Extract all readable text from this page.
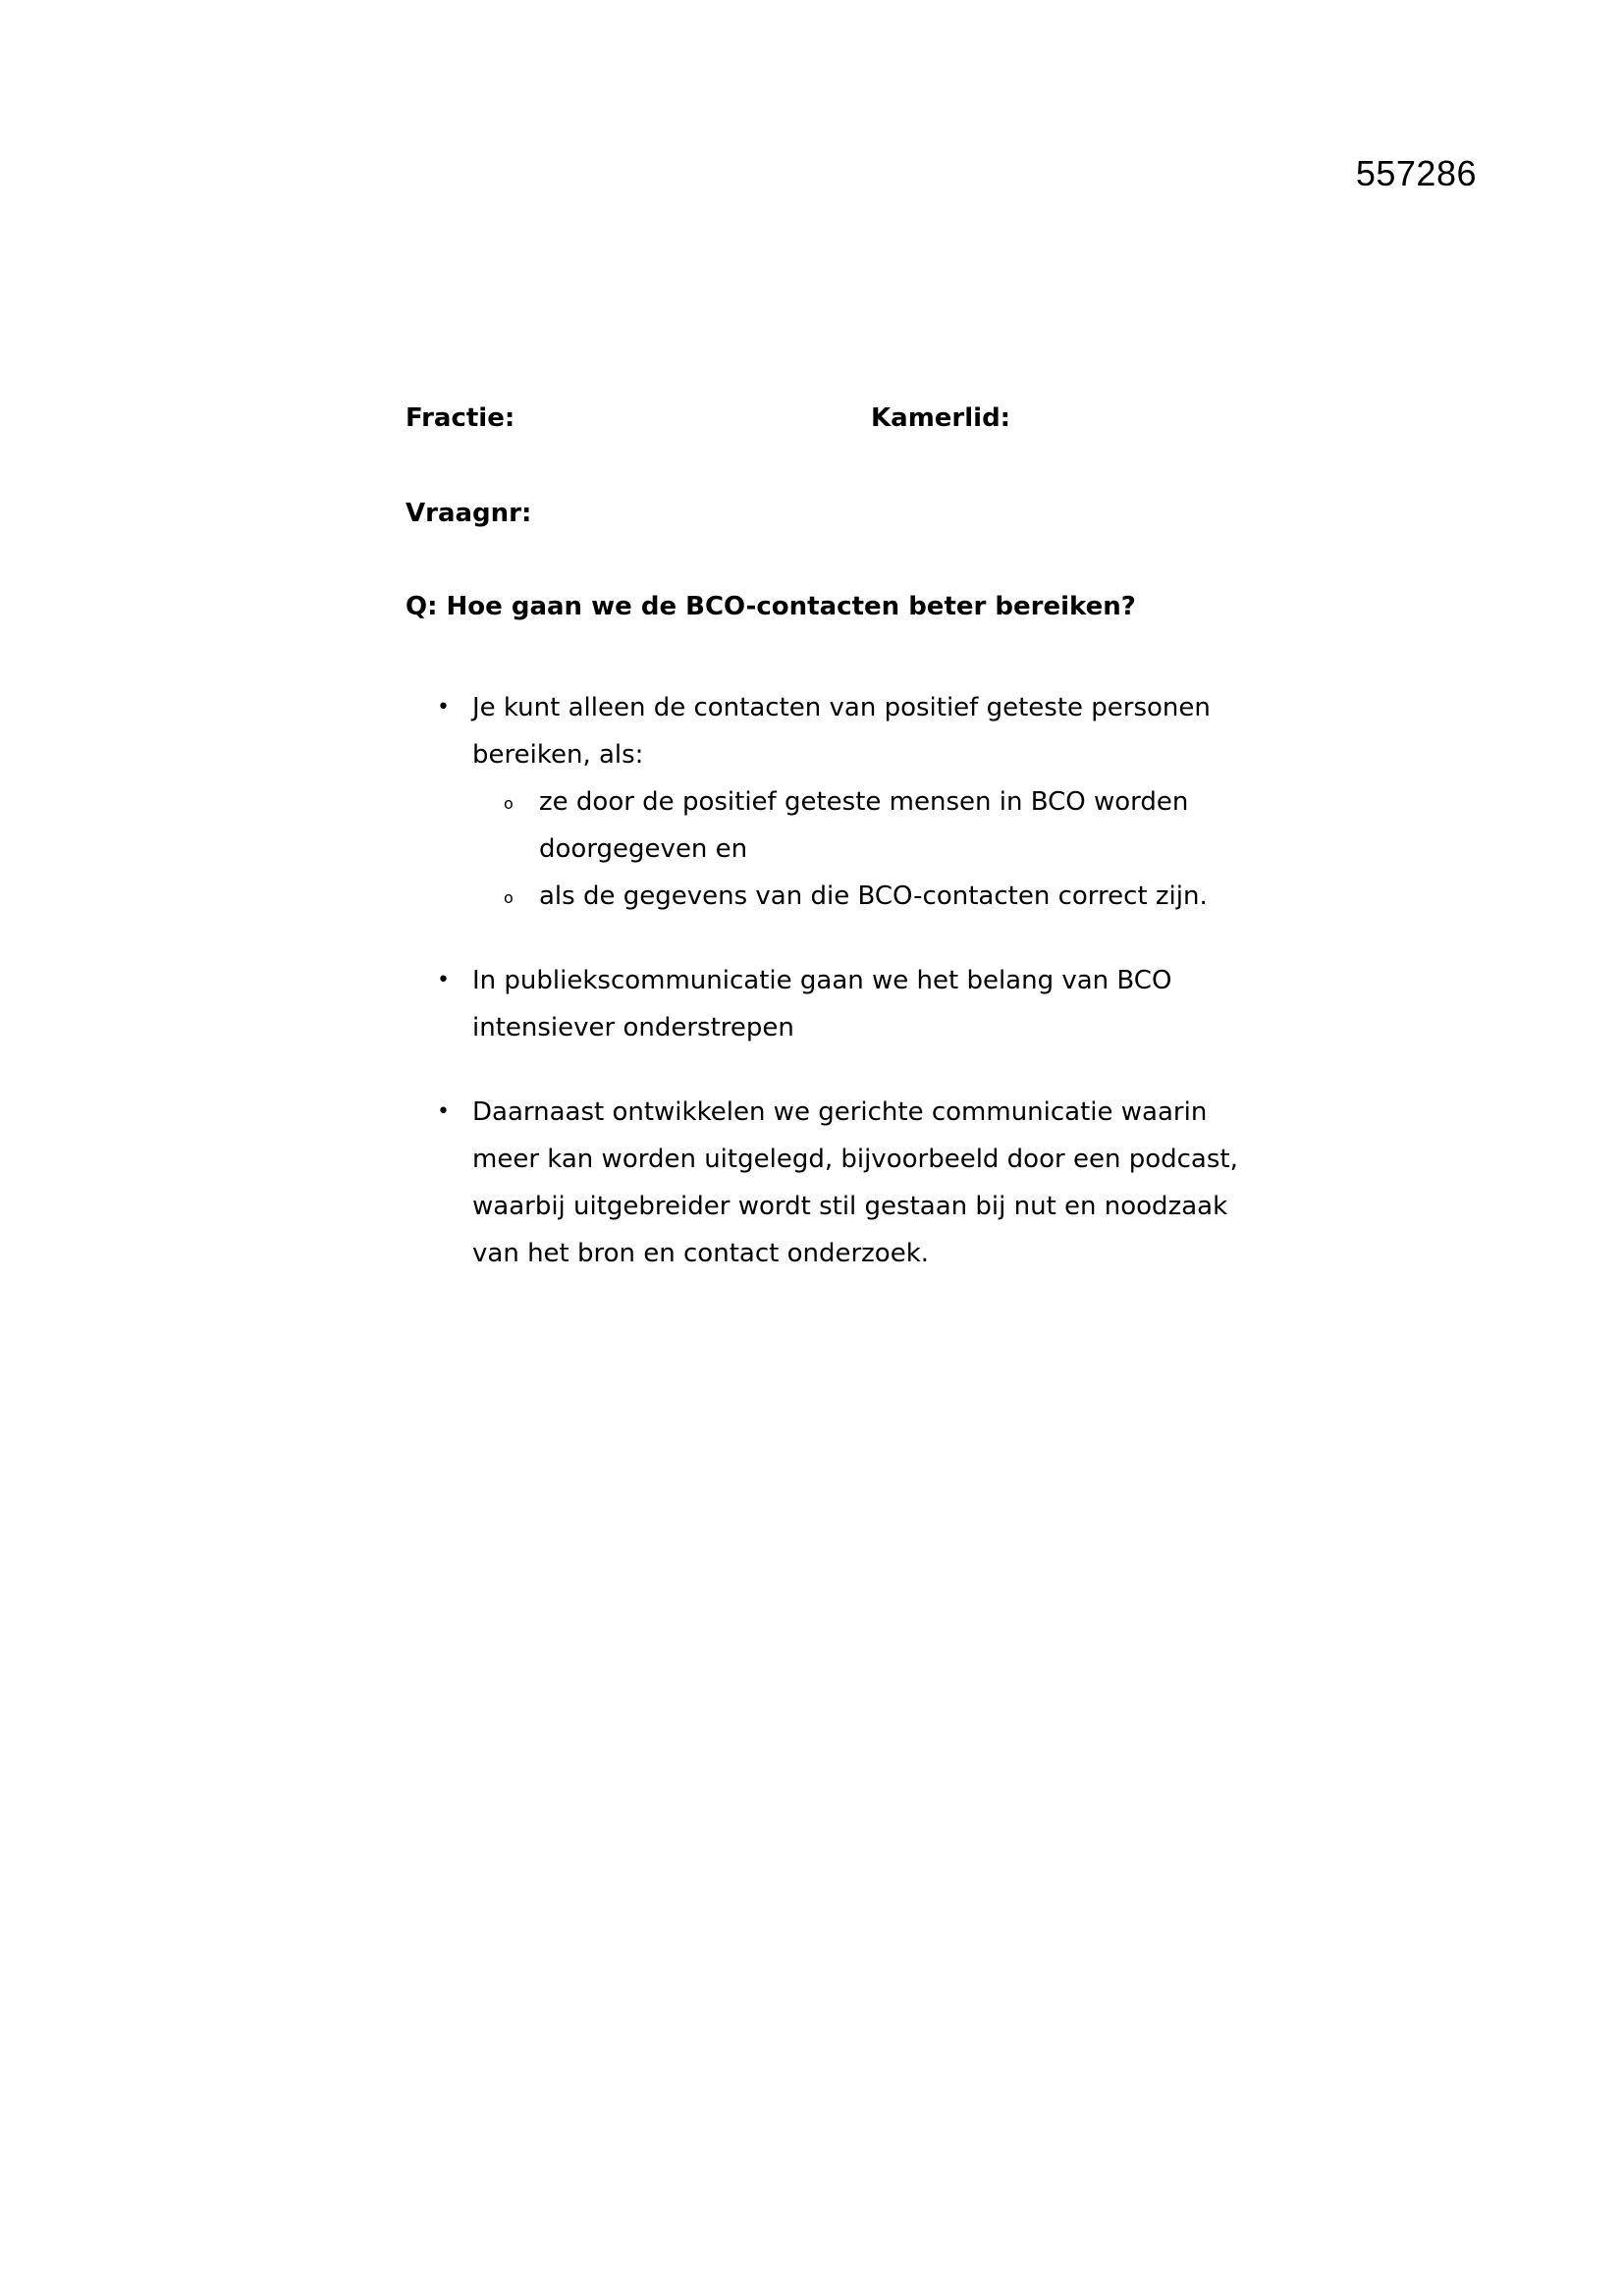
557286
Fractie:	Kamerlid:
Vraagnr:
Q: Hoe gaan we de BCO-contacten beter bereiken?
• Je kunt alleen de contacten van positief geteste personen bereiken, als:
o ze door de positief geteste mensen in BCO worden doorgegeven en
o als de gegevens van die BCO-contacten correct zijn.
• In publiekscommunicatie gaan we het belang van BCO intensiever onderstrepen
• Daarnaast ontwikkelen we gerichte communicatie waarin meer kan worden uitgelegd, bijvoorbeeld door een podcast, waarbij uitgebreider wordt stil gestaan bij nut en noodzaak van het bron en contact onderzoek.
